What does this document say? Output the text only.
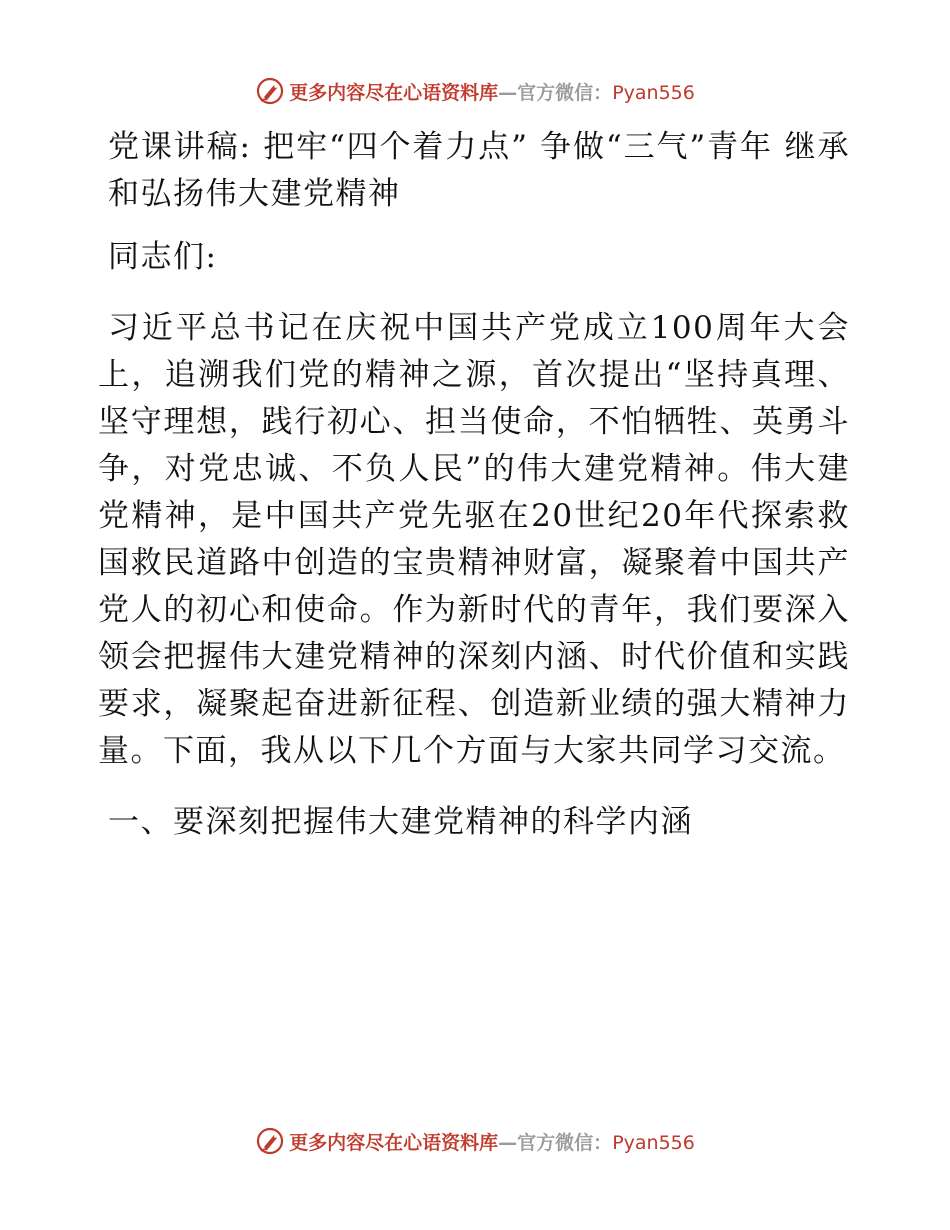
更多内容尽在心语资料库—官方微信：Pyan556

党课讲稿: 把牢“四个着力点” 争做“三气”青年 继承和弘扬伟大建党精神

同志们:

习近平总书记在庆祝中国共产党成立100周年大会上，追溯我们党的精神之源，首次提出“坚持真理、坚守理想，践行初心、担当使命，不怕牺牲、英勇斗争，对党忠诚、不负人民”的伟大建党精神。伟大建党精神，是中国共产党先驱在20世纪20年代探索救国救民道路中创造的宝贵精神财富，凝聚着中国共产党人的初心和使命。作为新时代的青年，我们要深入领会把握伟大建党精神的深刻内涵、时代价值和实践要求，凝聚起奋进新征程、创造新业绩的强大精神力量。下面，我从以下几个方面与大家共同学习交流。

一、要深刻把握伟大建党精神的科学内涵

更多内容尽在心语资料库—官方微信：Pyan556
